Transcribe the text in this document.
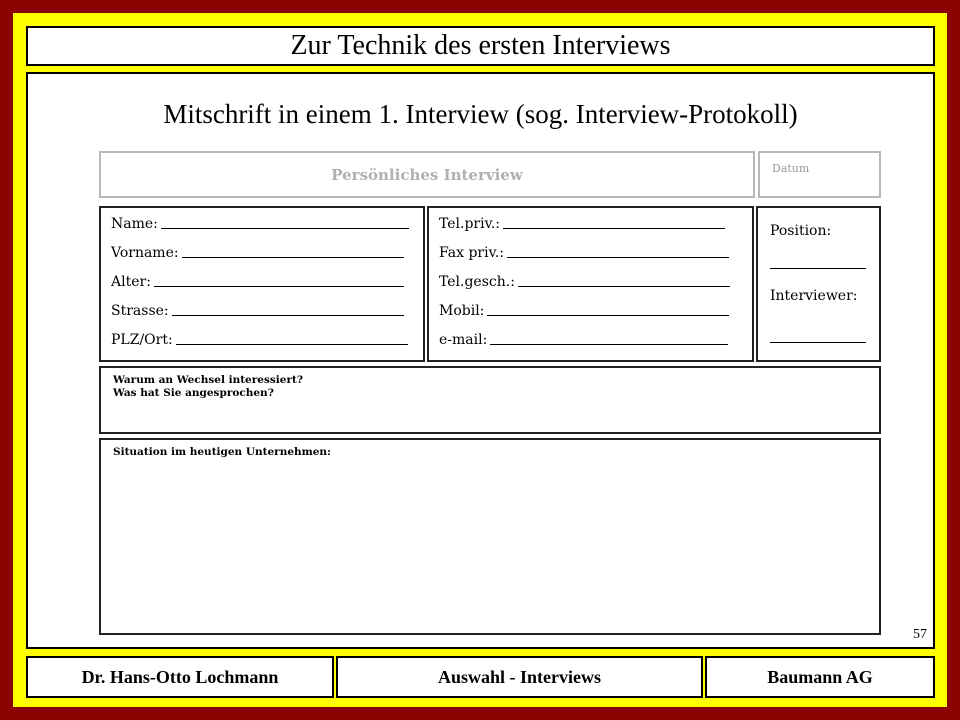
Zur Technik des ersten Interviews
Mitschrift in einem 1. Interview (sog. Interview-Protokoll)
Persönliches Interview	Datum
Name:
Vorname:
Alter:
Strasse:
PLZ/Ort:
Tel.priv.:
Fax priv.:
Tel.gesch.:
Mobil:
e-mail:
Position:
Interviewer:
Warum an Wechsel interessiert?
Was hat Sie angesprochen?
Situation im heutigen Unternehmen:
57
Dr. Hans-Otto Lochmann	Auswahl - Interviews	Baumann AG
